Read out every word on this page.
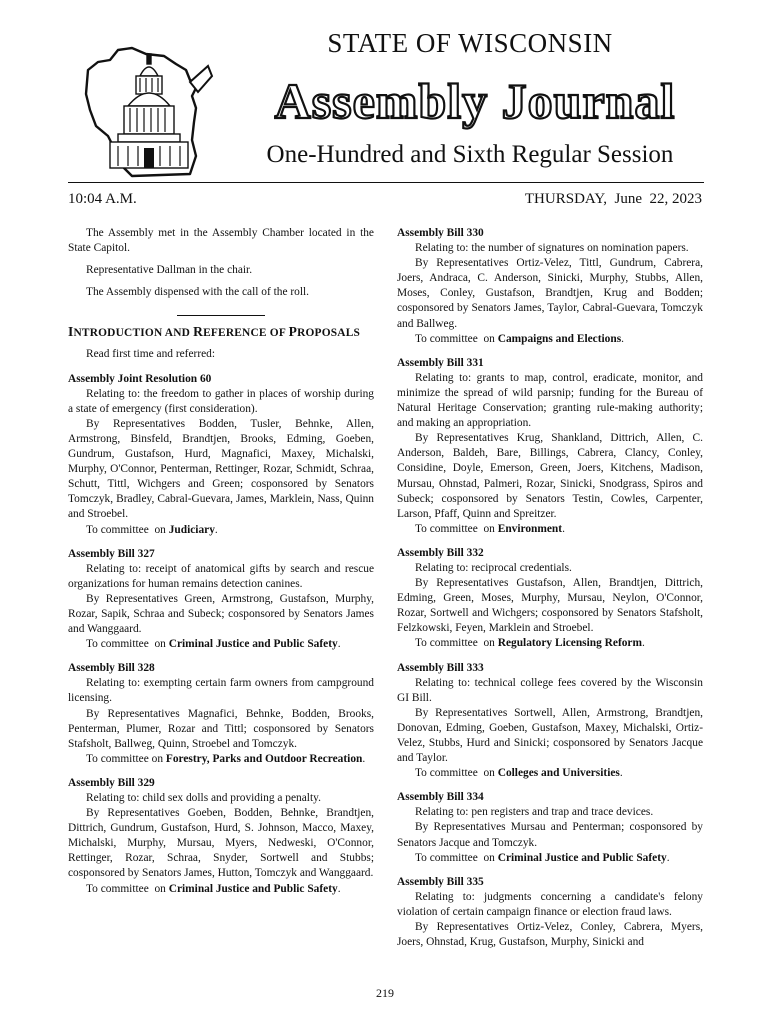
STATE OF WISCONSIN
Assembly Journal
One-Hundred and Sixth Regular Session
10:04 A.M.	THURSDAY,  June  22, 2023

The Assembly met in the Assembly Chamber located in the State Capitol.

Representative Dallman in the chair.

The Assembly dispensed with the call of the roll.

INTRODUCTION AND REFERENCE OF PROPOSALS

Read first time and referred:

Assembly Joint Resolution 60

Relating to: the freedom to gather in places of worship during a state of emergency (first consideration).

By Representatives Bodden, Tusler, Behnke, Allen, Armstrong, Binsfeld, Brandtjen, Brooks, Edming, Goeben, Gundrum, Gustafson, Hurd, Magnafici, Maxey, Michalski, Murphy, O'Connor, Penterman, Rettinger, Rozar, Schmidt, Schraa, Schutt, Tittl, Wichgers and Green; cosponsored by Senators Tomczyk, Bradley, Cabral-Guevara, James, Marklein, Nass, Quinn and Stroebel.

To committee  on Judiciary.

Assembly Bill 327

Relating to: receipt of anatomical gifts by search and rescue organizations for human remains detection canines.

By Representatives Green, Armstrong, Gustafson, Murphy, Rozar, Sapik, Schraa and Subeck; cosponsored by Senators James and Wanggaard.

To committee  on Criminal Justice and Public Safety.

Assembly Bill 328

Relating to: exempting certain farm owners from campground licensing.

By Representatives Magnafici, Behnke, Bodden, Brooks, Penterman, Plumer, Rozar and Tittl; cosponsored by Senators Stafsholt, Ballweg, Quinn, Stroebel and Tomczyk.

To committee on Forestry, Parks and Outdoor Recreation.

Assembly Bill 329

Relating to: child sex dolls and providing a penalty.

By Representatives Goeben, Bodden, Behnke, Brandtjen, Dittrich, Gundrum, Gustafson, Hurd, S. Johnson, Macco, Maxey, Michalski, Murphy, Mursau, Myers, Nedweski, O'Connor, Rettinger, Rozar, Schraa, Snyder, Sortwell and Stubbs; cosponsored by Senators James, Hutton, Tomczyk and Wanggaard.

To committee  on Criminal Justice and Public Safety.

Assembly Bill 330

Relating to: the number of signatures on nomination papers.

By Representatives Ortiz-Velez, Tittl, Gundrum, Cabrera, Joers, Andraca, C. Anderson, Sinicki, Murphy, Stubbs, Allen, Moses, Conley, Gustafson, Brandtjen, Krug and Bodden; cosponsored by Senators James, Taylor, Cabral-Guevara, Tomczyk and Ballweg.

To committee  on Campaigns and Elections.

Assembly Bill 331

Relating to: grants to map, control, eradicate, monitor, and minimize the spread of wild parsnip; funding for the Bureau of Natural Heritage Conservation; granting rule-making authority; and making an appropriation.

By Representatives Krug, Shankland, Dittrich, Allen, C. Anderson, Baldeh, Bare, Billings, Cabrera, Clancy, Conley, Considine, Doyle, Emerson, Green, Joers, Kitchens, Madison, Mursau, Ohnstad, Palmeri, Rozar, Sinicki, Snodgrass, Spiros and Subeck; cosponsored by Senators Testin, Cowles, Carpenter, Larson, Pfaff, Quinn and Spreitzer.

To committee  on Environment.

Assembly Bill 332

Relating to: reciprocal credentials.

By Representatives Gustafson, Allen, Brandtjen, Dittrich, Edming, Green, Moses, Murphy, Mursau, Neylon, O'Connor, Rozar, Sortwell and Wichgers; cosponsored by Senators Stafsholt, Felzkowski, Feyen, Marklein and Stroebel.

To committee  on Regulatory Licensing Reform.

Assembly Bill 333

Relating to: technical college fees covered by the Wisconsin GI Bill.

By Representatives Sortwell, Allen, Armstrong, Brandtjen, Donovan, Edming, Goeben, Gustafson, Maxey, Michalski, Ortiz-Velez, Stubbs, Hurd and Sinicki; cosponsored by Senators Jacque and Taylor.

To committee  on Colleges and Universities.

Assembly Bill 334

Relating to: pen registers and trap and trace devices.

By Representatives Mursau and Penterman; cosponsored by Senators Jacque and Tomczyk.

To committee  on Criminal Justice and Public Safety.

Assembly Bill 335

Relating to: judgments concerning a candidate's felony violation of certain campaign finance or election fraud laws.

By Representatives Ortiz-Velez, Conley, Cabrera, Myers, Joers, Ohnstad, Krug, Gustafson, Murphy, Sinicki and

219
